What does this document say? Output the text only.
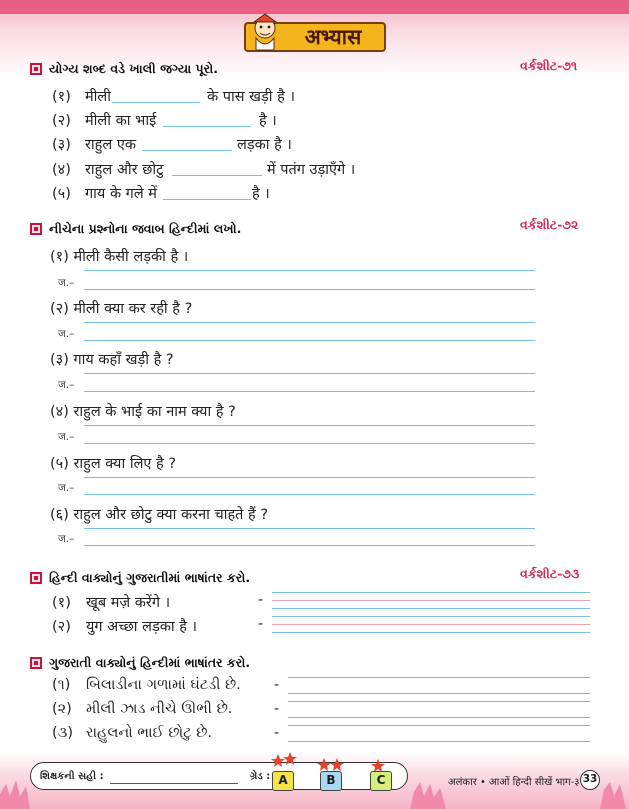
अभ्यास
યોગ્ય શબ્દ વડે ખાલી જગ્યા પૂરો.	વર્કશીટ-૭૧
(१) मीली	के पास खड़ी है ।
(२) मीली का भाई	है ।
(३) राहुल एक	लड़का है ।
(४) राहुल और छोटु	में पतंग उड़ाएँगे ।
(५) गाय के गले में	है ।
નીચેના પ્રશ્નોના જવાબ હિન્દીમાં લખો.	વર્કશીટ-૭૨
(१) मीली कैसी लड़की है ।
ज.–
(२) मीली क्या कर रही है ?
ज.–
(३) गाय कहाँ खड़ी है ?
ज.–
(४) राहुल के भाई का नाम क्या है ?
ज.–
(५) राहुल क्या लिए है ?
ज.–
(६) राहुल और छोटु क्या करना चाहते हैं ?
ज.–
હિન્દી વાક્યોનું ગુજરાતીમાં ભાષાંતર કરો.	વર્કશીટ-૭૩
(१) खूब मज़े करेंगे ।	-
(२) युग अच्छा लड़का है ।	-
ગુજરાતી વાક્યોનું હિન્દીમાં ભાષાંતર કરો.
(૧) બિલાડીના ગળામાં ઘંટડી છે. -
(૨) મીલી ઝાડ નીચે ઊભી છે.	-
(૩) રાહુલનો ભાઈ છોટુ છે.	-
શિક્ષકની સહી :	ગ્રેડ : A	B	C	अलंकार • आओं हिन्दी सीखें भाग-३ 33
